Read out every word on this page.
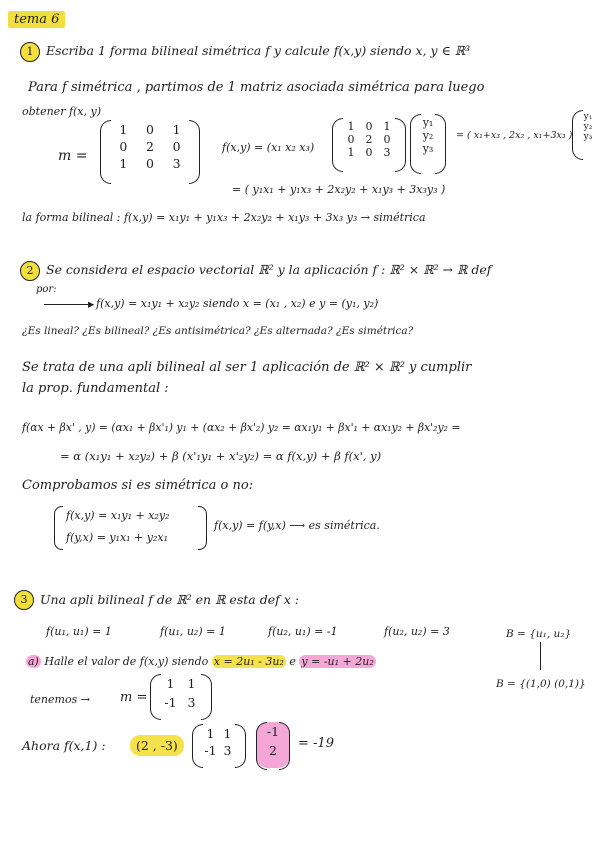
tema 6
1	Escriba 1 forma bilineal simétrica f y calcule f(x,y) siendo x, y ∈ ℝ³
Para f simétrica , partimos de 1 matriz asociada simétrica para luego
obtener f(x, y)
m =
1	0	1
0	2	0
1	0	3
f(x,y) = (x₁ x₂ x₃)
1	0	1
0	2	0
1	0	3
y₁
y₂
y₃
= ( x₁+x₃ , 2x₂ , x₁+3x₃ )
y₁
y₂
y₃
= ( y₁x₁ + y₁x₃ + 2x₂y₂ + x₁y₃ + 3x₃y₃ )
la forma bilineal : f(x,y) = x₁y₁ + y₁x₃ + 2x₂y₂ + x₁y₃ + 3x₃ y₃ → simétrica
2	Se considera el espacio vectorial ℝ² y la aplicación f : ℝ² × ℝ² → ℝ def
por:
▸ f(x,y) = x₁y₁ + x₂y₂ siendo x = (x₁ , x₂) e y = (y₁, y₂)
¿Es lineal? ¿Es bilineal? ¿Es antisimétrica? ¿Es alternada? ¿Es simétrica?
Se trata de una apli bilineal al ser 1 aplicación de ℝ² × ℝ² y cumplir
la prop. fundamental :
f(αx + βx' , y) = (αx₁ + βx'₁) y₁ + (αx₂ + βx'₂) y₂ = αx₁y₁ + βx'₁ + αx₁y₂ + βx'₂y₂ =
= α (x₁y₁ + x₂y₂) + β (x'₁y₁ + x'₂y₂) = α f(x,y) + β f(x', y)
Comprobamos si es simétrica o no:
f(x,y) = x₁y₁ + x₂y₂
f(y,x) = y₁x₁ + y₂x₁
f(x,y) = f(y,x) ⟶ es simétrica.
3	Una apli bilineal f de ℝ² en ℝ esta def x :
f(u₁, u₁) = 1	f(u₁, u₂) = 1	f(u₂, u₁) = -1	f(u₂, u₂) = 3	B = {u₁, u₂}
B = {(1,0) (0,1)}
a) Halle el valor de f(x,y) siendo x = 2u₁ - 3u₂ e y = -u₁ + 2u₂
tenemos → m =
1	1
-1 3
Ahora f(x,1) :	(2 , -3)
1 1
-1 3
-1
2 = -19
